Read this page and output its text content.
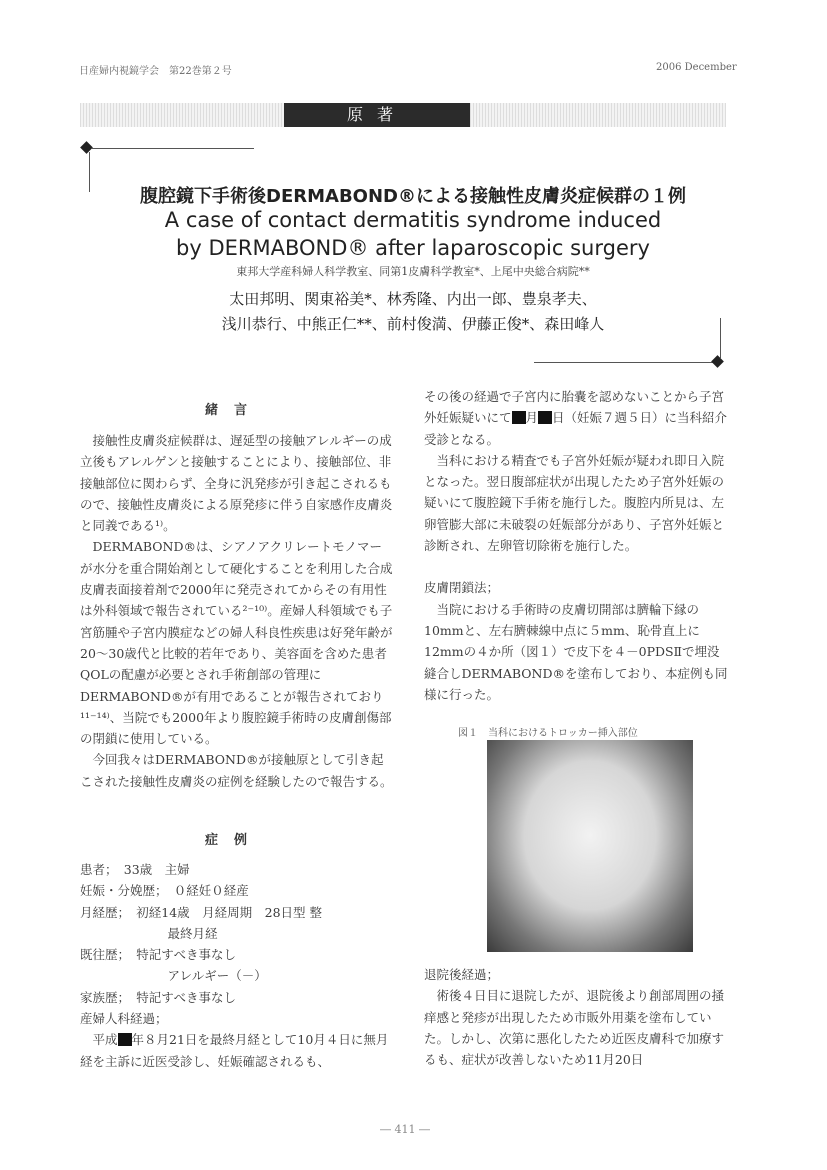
日産婦内視鏡学会　第22巻第２号	2006 December
原著
腹腔鏡下手術後DERMABOND®による接触性皮膚炎症候群の１例
A case of contact dermatitis syndrome induced
by DERMABOND® after laparoscopic surgery
東邦大学産科婦人科学教室、同第1皮膚科学教室*、上尾中央総合病院**
太田邦明、関東裕美*、林秀隆、内出一郎、豊泉孝夫、
浅川恭行、中熊正仁**、前村俊満、伊藤正俊*、森田峰人
緒言

接触性皮膚炎症候群は、遅延型の接触アレルギーの成立後もアレルゲンと接触することにより、接触部位、非接触部位に関わらず、全身に汎発疹が引き起こされるもので、接触性皮膚炎による原発疹に伴う自家感作皮膚炎と同義である¹⁾。

DERMABOND®は、シアノアクリレートモノマーが水分を重合開始剤として硬化することを利用した合成皮膚表面接着剤で2000年に発売されてからその有用性は外科領域で報告されている²⁻¹⁰⁾。産婦人科領域でも子宮筋腫や子宮内膜症などの婦人科良性疾患は好発年齢が20～30歳代と比較的若年であり、美容面を含めた患者QOLの配慮が必要とされ手術創部の管理にDERMABOND®が有用であることが報告されており¹¹⁻¹⁴⁾、当院でも2000年より腹腔鏡手術時の皮膚創傷部の閉鎖に使用している。

今回我々はDERMABOND®が接触原として引き起こされた接触性皮膚炎の症例を経験したので報告する。

症例

患者；　33歳　主婦

妊娠・分娩歴；　０経妊０経産

月経歴；　初経14歳　月経周期　28日型 整

　　　　　　　最終月経

既往歴；　特記すべき事なし

　　　　　　　アレルギー（－）

家族歴；　特記すべき事なし

産婦人科経過；

平成 年８月21日を最終月経として10月４日に無月経を主訴に近医受診し、妊娠確認されるも、

その後の経過で子宮内に胎嚢を認めないことから子宮外妊娠疑いにて 月 日（妊娠７週５日）に当科紹介受診となる。

当科における精査でも子宮外妊娠が疑われ即日入院となった。翌日腹部症状が出現したため子宮外妊娠の疑いにて腹腔鏡下手術を施行した。腹腔内所見は、左卵管膨大部に未破裂の妊娠部分があり、子宮外妊娠と診断され、左卵管切除術を施行した。

皮膚閉鎖法；

当院における手術時の皮膚切開部は臍輪下縁の10mmと、左右臍棘線中点に５mm、恥骨直上に12mmの４か所（図１）で皮下を４－0PDSⅡで埋没縫合しDERMABOND®を塗布しており、本症例も同様に行った。

図１　当科におけるトロッカー挿入部位

退院後経過；

術後４日目に退院したが、退院後より創部周囲の掻痒感と発疹が出現したため市販外用薬を塗布していた。しかし、次第に悪化したため近医皮膚科で加療するも、症状が改善しないため11月20日

― 411 ―
